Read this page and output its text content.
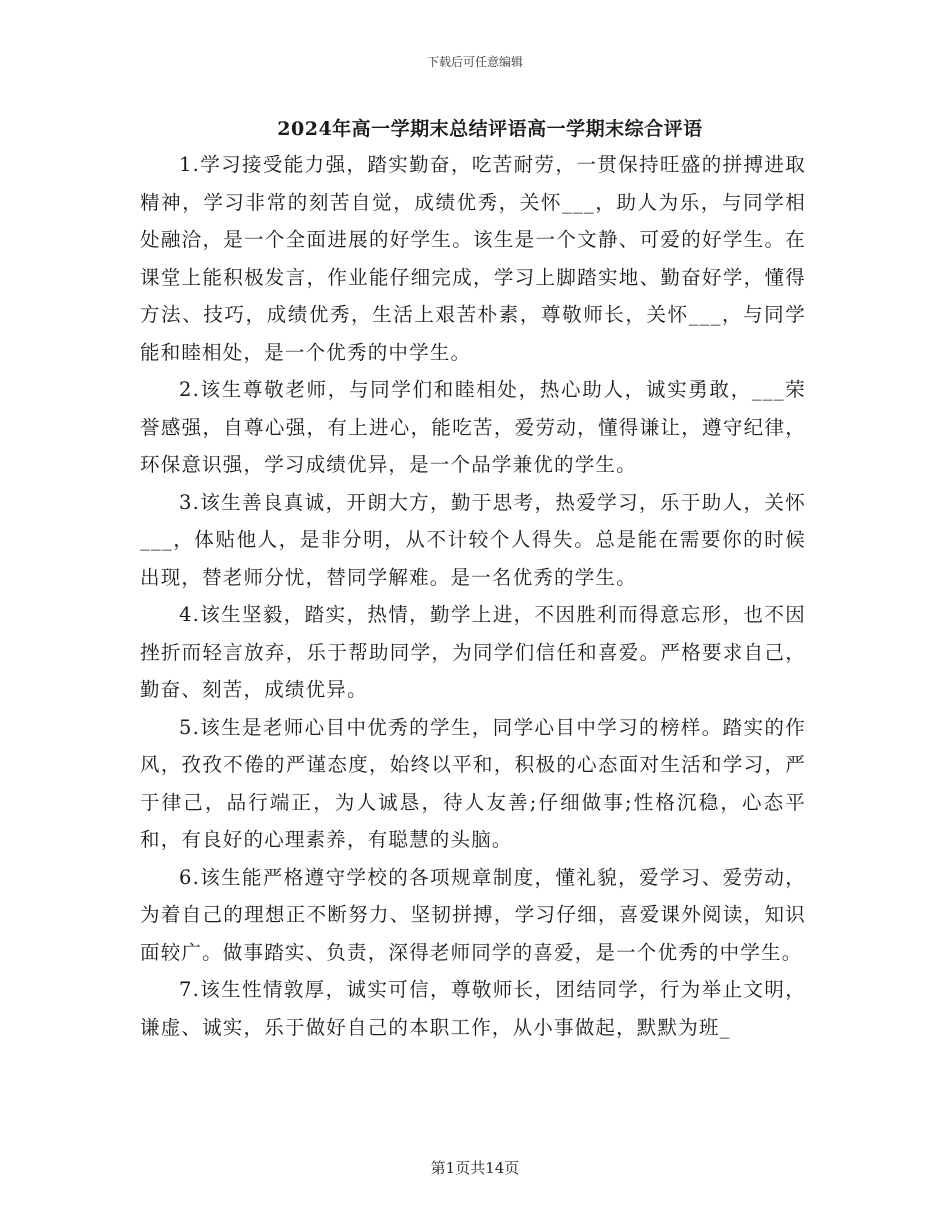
下载后可任意编辑
2024年高一学期末总结评语高一学期末综合评语

1.学习接受能力强，踏实勤奋，吃苦耐劳，一贯保持旺盛的拼搏进取精神，学习非常的刻苦自觉，成绩优秀，关怀___，助人为乐，与同学相处融洽，是一个全面进展的好学生。该生是一个文静、可爱的好学生。在课堂上能积极发言，作业能仔细完成，学习上脚踏实地、勤奋好学，懂得方法、技巧，成绩优秀，生活上艰苦朴素，尊敬师长，关怀___，与同学能和睦相处，是一个优秀的中学生。

2.该生尊敬老师，与同学们和睦相处，热心助人，诚实勇敢，___荣誉感强，自尊心强，有上进心，能吃苦，爱劳动，懂得谦让，遵守纪律，环保意识强，学习成绩优异，是一个品学兼优的学生。

3.该生善良真诚，开朗大方，勤于思考，热爱学习，乐于助人，关怀___，体贴他人，是非分明，从不计较个人得失。总是能在需要你的时候出现，替老师分忧，替同学解难。是一名优秀的学生。

4.该生坚毅，踏实，热情，勤学上进，不因胜利而得意忘形，也不因挫折而轻言放弃，乐于帮助同学，为同学们信任和喜爱。严格要求自己，勤奋、刻苦，成绩优异。

5.该生是老师心目中优秀的学生，同学心目中学习的榜样。踏实的作风，孜孜不倦的严谨态度，始终以平和，积极的心态面对生活和学习，严于律己，品行端正，为人诚恳，待人友善;仔细做事;性格沉稳，心态平和，有良好的心理素养，有聪慧的头脑。

6.该生能严格遵守学校的各项规章制度，懂礼貌，爱学习、爱劳动，为着自己的理想正不断努力、坚韧拼搏，学习仔细，喜爱课外阅读，知识面较广。做事踏实、负责，深得老师同学的喜爱，是一个优秀的中学生。

7.该生性情敦厚，诚实可信，尊敬师长，团结同学，行为举止文明，谦虚、诚实，乐于做好自己的本职工作，从小事做起，默默为班_

第1页共14页
